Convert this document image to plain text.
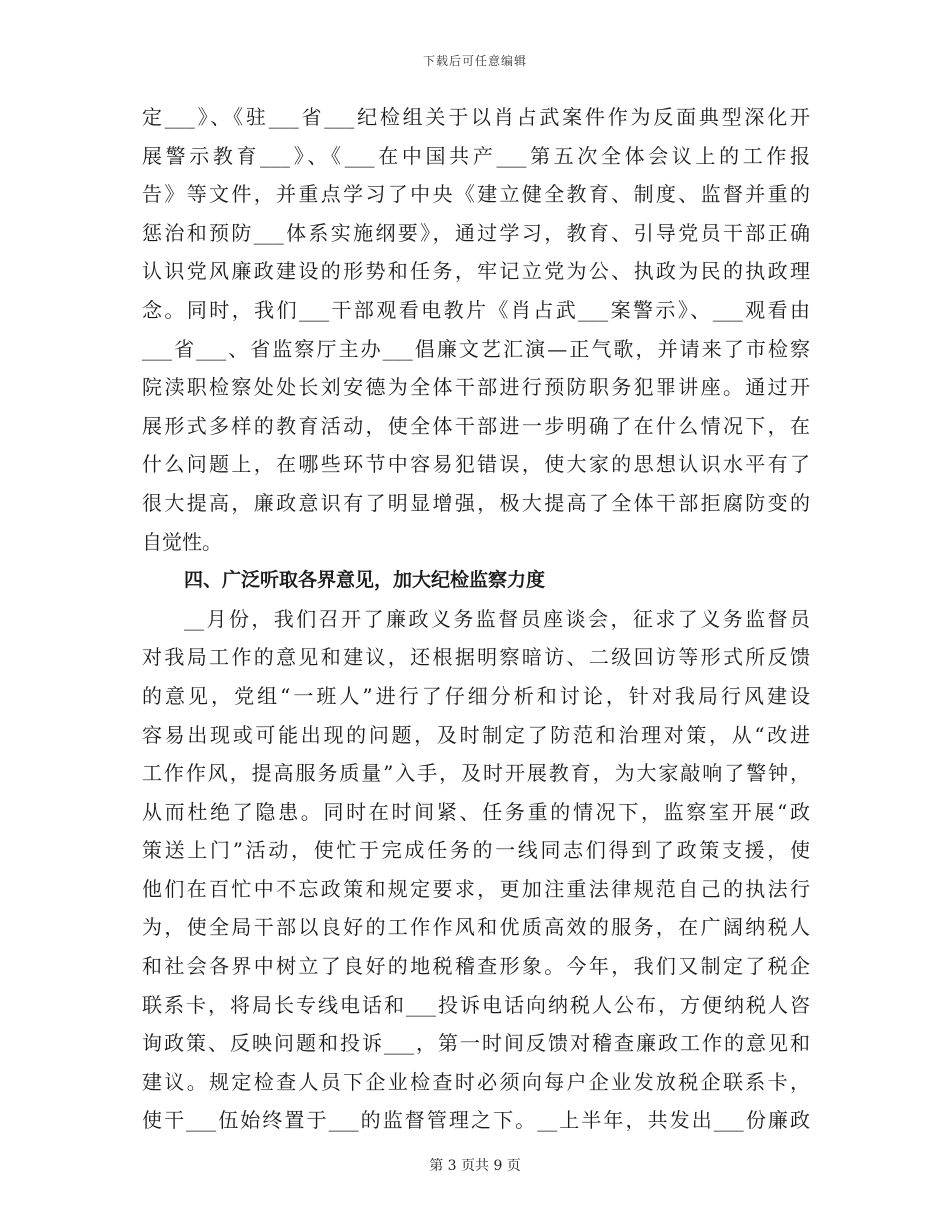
下载后可任意编辑
定___》、《驻___省___纪检组关于以肖占武案件作为反面典型深化开
展警示教育___》、《___在中国共产___第五次全体会议上的工作报
告》等文件，并重点学习了中央《建立健全教育、制度、监督并重的
惩治和预防___体系实施纲要》，通过学习，教育、引导党员干部正确
认识党风廉政建设的形势和任务，牢记立党为公、执政为民的执政理
念。同时，我们___干部观看电教片《肖占武___案警示》、___观看由
___省___、省监察厅主办___倡廉文艺汇演—正气歌，并请来了市检察
院渎职检察处处长刘安德为全体干部进行预防职务犯罪讲座。通过开
展形式多样的教育活动，使全体干部进一步明确了在什么情况下，在
什么问题上，在哪些环节中容易犯错误，使大家的思想认识水平有了
很大提高，廉政意识有了明显增强，极大提高了全体干部拒腐防变的
自觉性。
四、广泛听取各界意见，加大纪检监察力度
__月份，我们召开了廉政义务监督员座谈会，征求了义务监督员
对我局工作的意见和建议，还根据明察暗访、二级回访等形式所反馈
的意见，党组“一班人”进行了仔细分析和讨论，针对我局行风建设
容易出现或可能出现的问题，及时制定了防范和治理对策，从“改进
工作作风，提高服务质量”入手，及时开展教育，为大家敲响了警钟，
从而杜绝了隐患。同时在时间紧、任务重的情况下，监察室开展“政
策送上门”活动，使忙于完成任务的一线同志们得到了政策支援，使
他们在百忙中不忘政策和规定要求，更加注重法律规范自己的执法行
为，使全局干部以良好的工作作风和优质高效的服务，在广阔纳税人
和社会各界中树立了良好的地税稽查形象。今年，我们又制定了税企
联系卡，将局长专线电话和___投诉电话向纳税人公布，方便纳税人咨
询政策、反映问题和投诉___，第一时间反馈对稽查廉政工作的意见和
建议。规定检查人员下企业检查时必须向每户企业发放税企联系卡，
使干___伍始终置于___的监督管理之下。__上半年，共发出___份廉政
第 3 页共 9 页
